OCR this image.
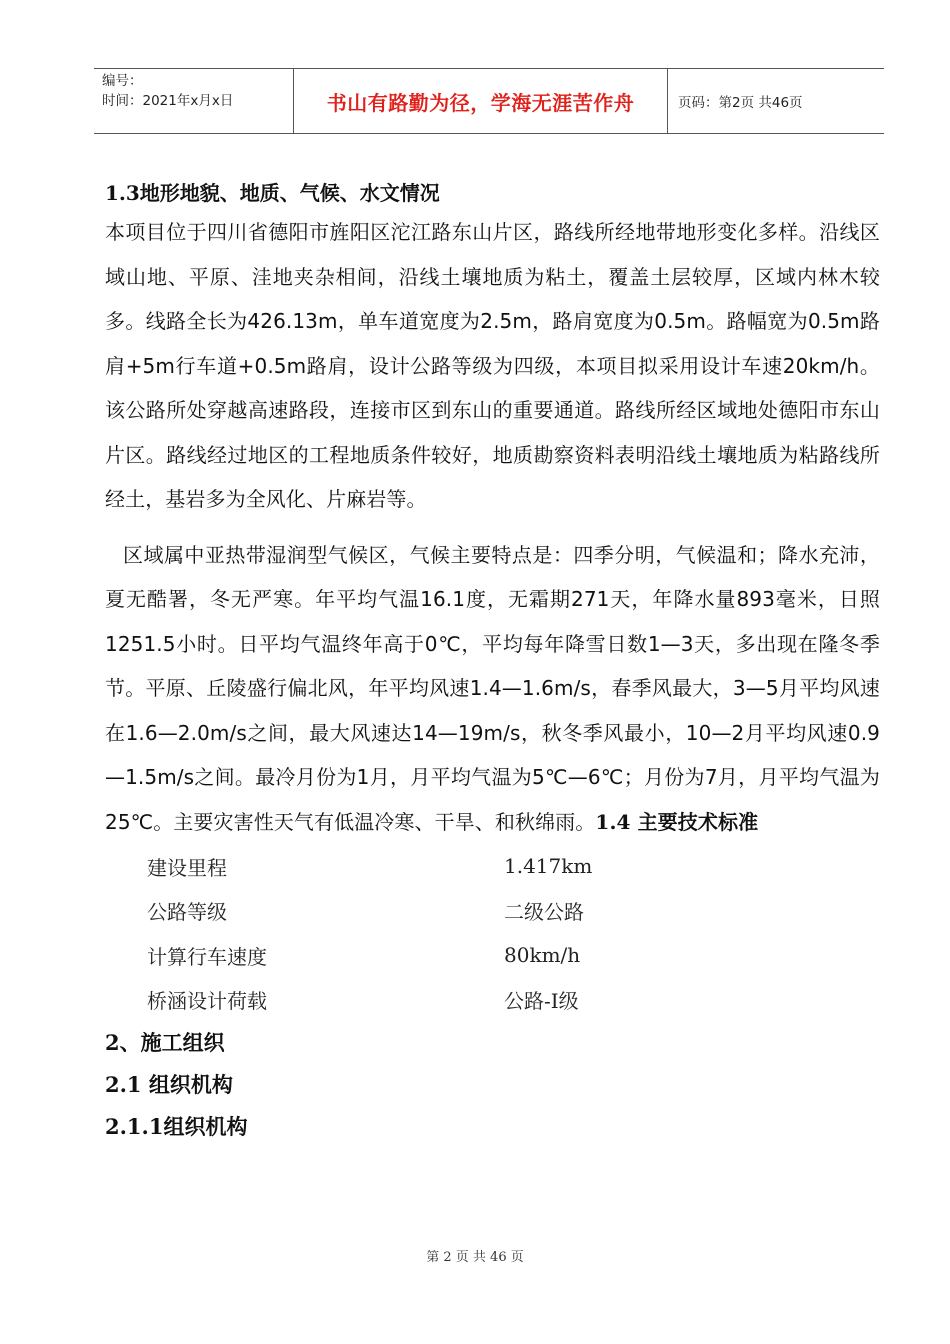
编号：
时间：2021年x月x日	书山有路勤为径，学海无涯苦作舟	页码：第2页 共46页
1.3地形地貌、地质、气候、水文情况
本项目位于四川省德阳市旌阳区沱江路东山片区，路线所经地带地形变化多样。沿线区域山地、平原、洼地夹杂相间，沿线土壤地质为粘土，覆盖土层较厚，区域内林木较多。线路全长为426.13m，单车道宽度为2.5m，路肩宽度为0.5m。路幅宽为0.5m路肩+5m行车道+0.5m路肩，设计公路等级为四级，本项目拟采用设计车速20km/h。该公路所处穿越高速路段，连接市区到东山的重要通道。路线所经区域地处德阳市东山片区。路线经过地区的工程地质条件较好，地质勘察资料表明沿线土壤地质为粘路线所经土，基岩多为全风化、片麻岩等。
区域属中亚热带湿润型气候区，气候主要特点是：四季分明，气候温和；降水充沛，夏无酷署，冬无严寒。年平均气温16.1度，无霜期271天，年降水量893毫米，日照1251.5小时。日平均气温终年高于0℃，平均每年降雪日数1—3天，多出现在隆冬季节。平原、丘陵盛行偏北风，年平均风速1.4—1.6m/s，春季风最大，3—5月平均风速在1.6—2.0m/s之间，最大风速达14—19m/s，秋冬季风最小，10—2月平均风速0.9—1.5m/s之间。最冷月份为1月，月平均气温为5℃—6℃；月份为7月，月平均气温为25℃。主要灾害性天气有低温冷寒、干旱、和秋绵雨。1.4 主要技术标准
建设里程	1.417km
公路等级	二级公路
计算行车速度	80km/h
桥涵设计荷载	公路-Ⅰ级
2、施工组织
2.1 组织机构
2.1.1组织机构
第 2 页 共 46 页
